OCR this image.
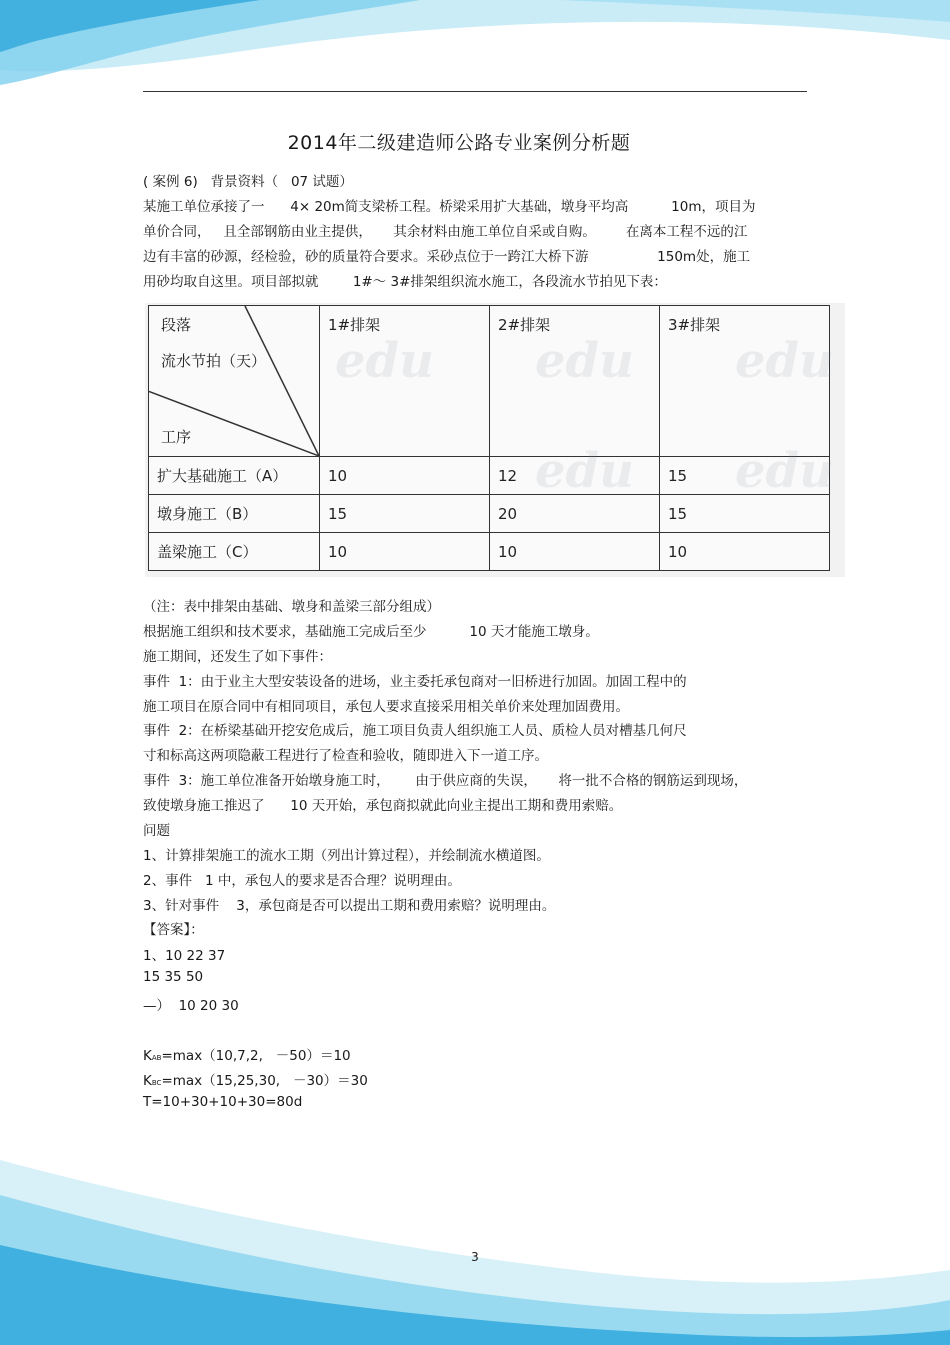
2014年二级建造师公路专业案例分析题
( 案例 6)   背景资料（   07 试题）
某施工单位承接了一      4× 20m简支梁桥工程。桥梁采用扩大基础，墩身平均高          10m，项目为
单价合同，   且全部钢筋由业主提供，     其余材料由施工单位自采或自购。       在离本工程不远的江
边有丰富的砂源，经检验，砂的质量符合要求。采砂点位于一跨江大桥下游                150m处，施工
用砂均取自这里。项目部拟就        1#～ 3#排架组织流水施工，各段流水节拍见下表：
段落
流水节拍（天）
工序	1#排架	2#排架	3#排架
扩大基础施工（A）	10	12	15
墩身施工（B）	15	20	15
盖梁施工（C）	10	10	10
（注：表中排架由基础、墩身和盖梁三部分组成）
根据施工组织和技术要求，基础施工完成后至少          10 天才能施工墩身。
施工期间，还发生了如下事件：
事件  1：由于业主大型安装设备的进场，业主委托承包商对一旧桥进行加固。加固工程中的
施工项目在原合同中有相同项目，承包人要求直接采用相关单价来处理加固费用。
事件  2：在桥梁基础开挖安危成后，施工项目负责人组织施工人员、质检人员对槽基几何尺
寸和标高这两项隐蔽工程进行了检查和验收，随即进入下一道工序。
事件  3：施工单位准备开始墩身施工时，      由于供应商的失误，     将一批不合格的钢筋运到现场，
致使墩身施工推迟了      10 天开始，承包商拟就此向业主提出工期和费用索赔。
问题
1、计算排架施工的流水工期（列出计算过程），并绘制流水横道图。
2、事件   1 中，承包人的要求是否合理？说明理由。
3、针对事件    3，承包商是否可以提出工期和费用索赔？说明理由。
【答案】：
1、10 22 37
15 35 50
—）  10 20 30
KAB=max（10,7,2,   －50）＝10
KBC=max（15,25,30,   －30）＝30
T=10+30+10+30=80d
3
